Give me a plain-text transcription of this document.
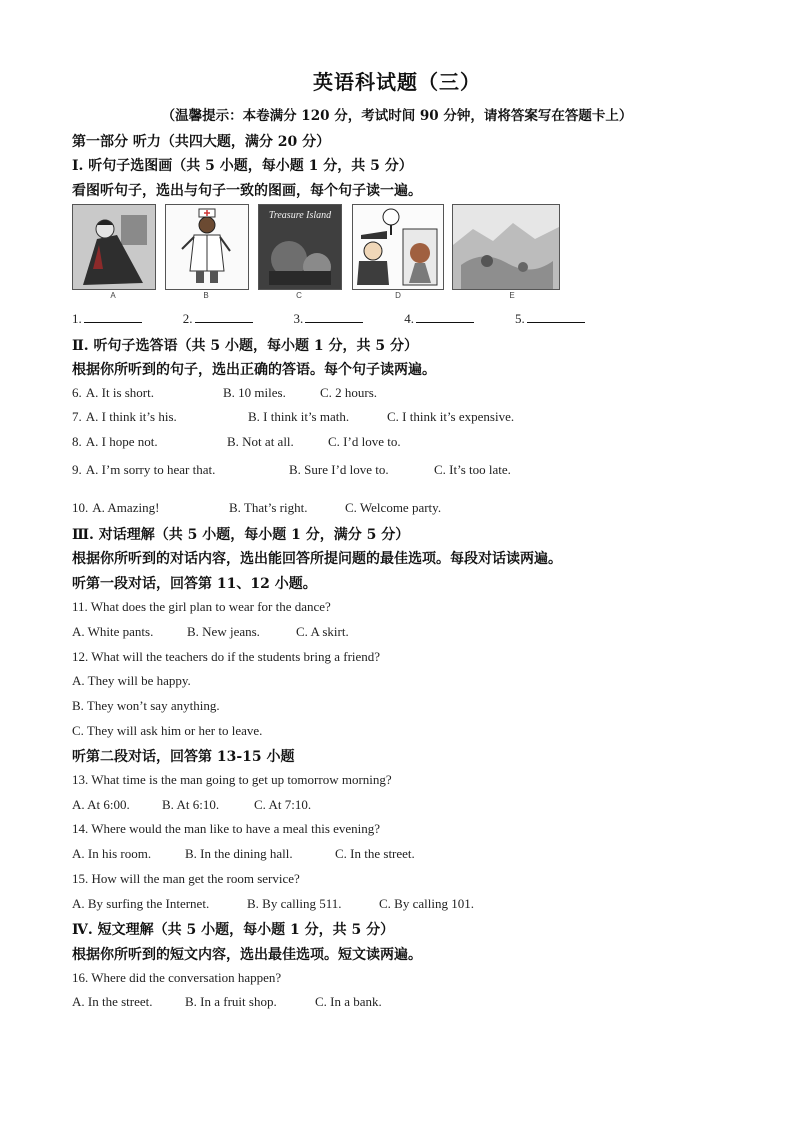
英语科试题（三）
（温馨提示：本卷满分 120 分，考试时间 90 分钟，请将答案写在答题卡上）
第一部分 听力（共四大题，满分 20 分）
Ⅰ. 听句子选图画（共 5 小题，每小题 1 分，共 5 分）
看图听句子，选出与句子一致的图画，每个句子读一遍。
A	B
Treasure Island
C	D	E
1.	2.	3.	4.	5.
Ⅱ. 听句子选答语（共 5 小题，每小题 1 分，共 5 分）
根据你所听到的句子，选出正确的答语。每个句子读两遍。
6. A. It is short.	B. 10 miles.	C. 2 hours.
7. A. I think it’s his.	B. I think it’s math.	C. I think it’s expensive.
8. A. I hope not.	B. Not at all.	C. I’d love to.
9. A. I’m sorry to hear that.	B. Sure I’d love to.	C. It’s too late.
10. A. Amazing!	B. That’s right.	C. Welcome party.
Ⅲ. 对话理解（共 5 小题，每小题 1 分，满分 5 分）
根据你所听到的对话内容，选出能回答所提问题的最佳选项。每段对话读两遍。
听第一段对话，回答第 11、12 小题。
11. What does the girl plan to wear for the dance?
A. White pants.	B. New jeans.	C. A skirt.
12. What will the teachers do if the students bring a friend?
A. They will be happy.
B. They won’t say anything.
C. They will ask him or her to leave.
听第二段对话，回答第 13-15 小题
13. What time is the man going to get up tomorrow morning?
A. At 6:00. B. At 6:10.	C. At 7:10.
14. Where would the man like to have a meal this evening?
A. In his room.	B. In the dining hall.	C. In the street.
15. How will the man get the room service?
A. By surfing the Internet.	B. By calling 511.	C. By calling 101.
Ⅳ. 短文理解（共 5 小题，每小题 1 分，共 5 分）
根据你所听到的短文内容，选出最佳选项。短文读两遍。
16. Where did the conversation happen?
A. In the street. B. In a fruit shop.	C. In a bank.
